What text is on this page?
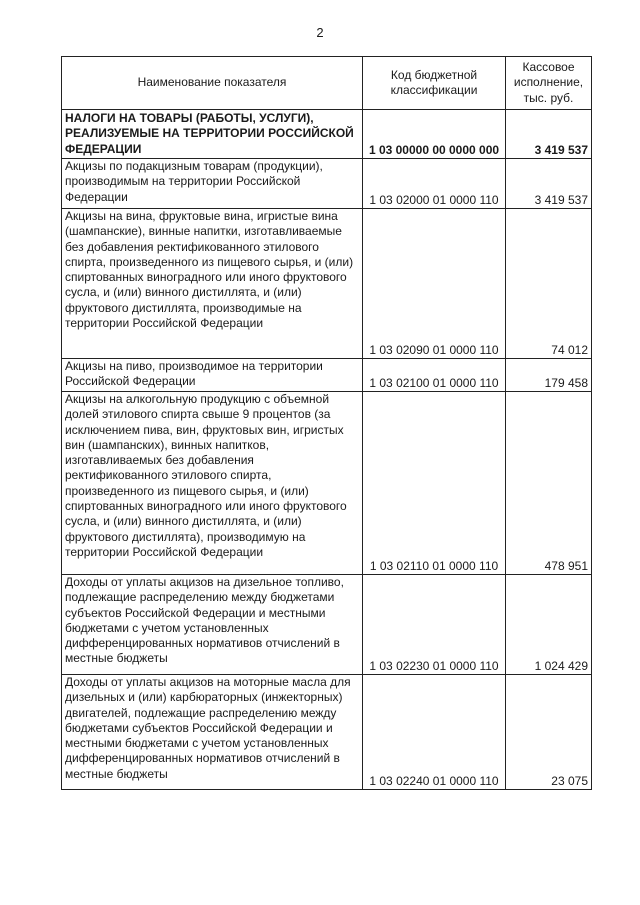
2
Наименование показателя	Код бюджетной классификации	Кассовое исполнение, тыс. руб.
НАЛОГИ НА ТОВАРЫ (РАБОТЫ, УСЛУГИ), РЕАЛИЗУЕМЫЕ НА ТЕРРИТОРИИ РОССИЙСКОЙ ФЕДЕРАЦИИ	1 03 00000 00 0000 000	3 419 537
Акцизы по подакцизным товарам (продукции), производимым на территории Российской Федерации	1 03 02000 01 0000 110	3 419 537
Акцизы на вина, фруктовые вина, игристые вина (шампанские), винные напитки, изготавливаемые без добавления ректификованного этилового спирта, произведенного из пищевого сырья, и (или) спиртованных виноградного или иного фруктового сусла, и (или) винного дистиллята, и (или) фруктового дистиллята, производимые на территории Российской Федерации	1 03 02090 01 0000 110	74 012
Акцизы на пиво, производимое на территории Российской Федерации	1 03 02100 01 0000 110	179 458
Акцизы на алкогольную продукцию с объемной долей этилового спирта свыше 9 процентов (за исключением пива, вин, фруктовых вин, игристых вин (шампанских), винных напитков, изготавливаемых без добавления ректификованного этилового спирта, произведенного из пищевого сырья, и (или) спиртованных виноградного или иного фруктового сусла, и (или) винного дистиллята, и (или) фруктового дистиллята), производимую на территории Российской Федерации	1 03 02110 01 0000 110	478 951
Доходы от уплаты акцизов на дизельное топливо, подлежащие распределению между бюджетами субъектов Российской Федерации и местными бюджетами с учетом установленных дифференцированных нормативов отчислений в местные бюджеты	1 03 02230 01 0000 110	1 024 429
Доходы от уплаты акцизов на моторные масла для дизельных и (или) карбюраторных (инжекторных) двигателей, подлежащие распределению между бюджетами субъектов Российской Федерации и местными бюджетами с учетом установленных дифференцированных нормативов отчислений в местные бюджеты	1 03 02240 01 0000 110	23 075
